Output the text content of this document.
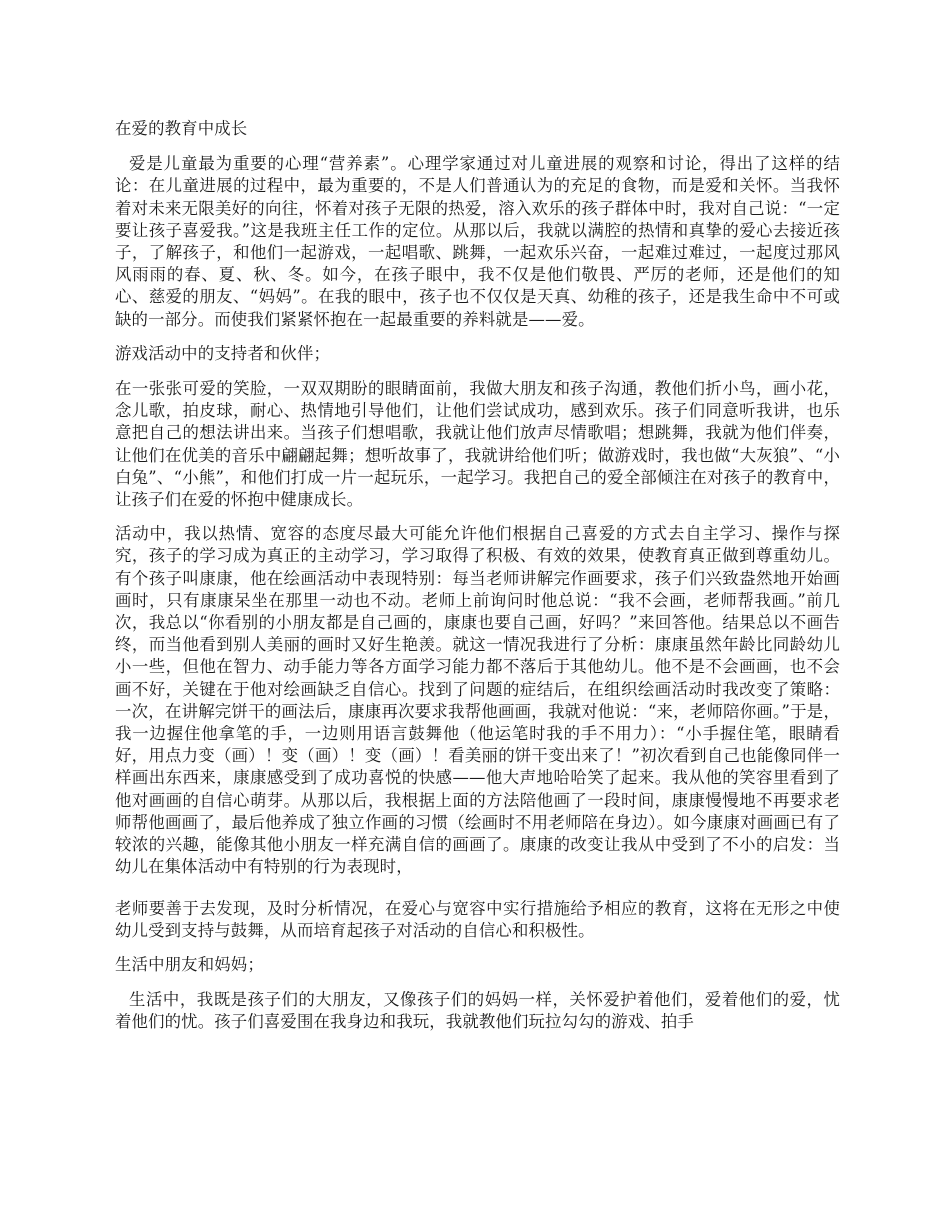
在爱的教育中成长

爱是儿童最为重要的心理“营养素”。心理学家通过对儿童进展的观察和讨论，得出了这样的结论：在儿童进展的过程中，最为重要的，不是人们普通认为的充足的食物，而是爱和关怀。当我怀着对未来无限美好的向往，怀着对孩子无限的热爱，溶入欢乐的孩子群体中时，我对自己说：“一定要让孩子喜爱我。”这是我班主任工作的定位。从那以后，我就以满腔的热情和真挚的爱心去接近孩子，了解孩子，和他们一起游戏，一起唱歌、跳舞，一起欢乐兴奋，一起难过难过，一起度过那风风雨雨的春、夏、秋、冬。如今，在孩子眼中，我不仅是他们敬畏、严厉的老师，还是他们的知心、慈爱的朋友、“妈妈”。在我的眼中，孩子也不仅仅是天真、幼稚的孩子，还是我生命中不可或缺的一部分。而使我们紧紧怀抱在一起最重要的养料就是——爱。

游戏活动中的支持者和伙伴；

在一张张可爱的笑脸，一双双期盼的眼睛面前，我做大朋友和孩子沟通，教他们折小鸟，画小花，念儿歌，拍皮球，耐心、热情地引导他们，让他们尝试成功，感到欢乐。孩子们同意听我讲，也乐意把自己的想法讲出来。当孩子们想唱歌，我就让他们放声尽情歌唱；想跳舞，我就为他们伴奏，让他们在优美的音乐中翩翩起舞；想听故事了，我就讲给他们听；做游戏时，我也做“大灰狼”、“小白兔”、“小熊”，和他们打成一片一起玩乐，一起学习。我把自己的爱全部倾注在对孩子的教育中，让孩子们在爱的怀抱中健康成长。

活动中，我以热情、宽容的态度尽最大可能允许他们根据自己喜爱的方式去自主学习、操作与探究，孩子的学习成为真正的主动学习，学习取得了积极、有效的效果，使教育真正做到尊重幼儿。有个孩子叫康康，他在绘画活动中表现特别：每当老师讲解完作画要求，孩子们兴致盎然地开始画画时，只有康康呆坐在那里一动也不动。老师上前询问时他总说：“我不会画，老师帮我画。”前几次，我总以“你看别的小朋友都是自己画的，康康也要自己画，好吗？”来回答他。结果总以不画告终，而当他看到别人美丽的画时又好生艳羡。就这一情况我进行了分析：康康虽然年龄比同龄幼儿小一些，但他在智力、动手能力等各方面学习能力都不落后于其他幼儿。他不是不会画画，也不会画不好，关键在于他对绘画缺乏自信心。找到了问题的症结后，在组织绘画活动时我改变了策略：一次，在讲解完饼干的画法后，康康再次要求我帮他画画，我就对他说：“来，老师陪你画。”于是，我一边握住他拿笔的手，一边则用语言鼓舞他（他运笔时我的手不用力）：“小手握住笔，眼睛看好，用点力变（画）！变（画）！变（画）！看美丽的饼干变出来了！”初次看到自己也能像同伴一样画出东西来，康康感受到了成功喜悦的快感——他大声地哈哈笑了起来。我从他的笑容里看到了他对画画的自信心萌芽。从那以后，我根据上面的方法陪他画了一段时间，康康慢慢地不再要求老师帮他画画了，最后他养成了独立作画的习惯（绘画时不用老师陪在身边）。如今康康对画画已有了较浓的兴趣，能像其他小朋友一样充满自信的画画了。康康的改变让我从中受到了不小的启发：当幼儿在集体活动中有特别的行为表现时，

老师要善于去发现，及时分析情况，在爱心与宽容中实行措施给予相应的教育，这将在无形之中使幼儿受到支持与鼓舞，从而培育起孩子对活动的自信心和积极性。

生活中朋友和妈妈；

生活中，我既是孩子们的大朋友，又像孩子们的妈妈一样，关怀爱护着他们，爱着他们的爱，忧着他们的忧。孩子们喜爱围在我身边和我玩，我就教他们玩拉勾勾的游戏、拍手
